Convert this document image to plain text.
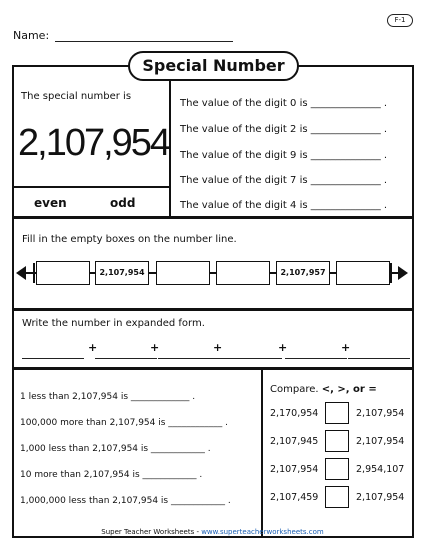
F-1
Name:
Special Number
The special number is
2,107,954
even	odd
The value of the digit 0 is ______________ .
The value of the digit 2 is ______________ .
The value of the digit 9 is ______________ .
The value of the digit 7 is ______________ .
The value of the digit 4 is ______________ .
Fill in the empty boxes on the number line.
2,107,954	2,107,957
Write the number in expanded form.
+	+	+	+	+
1 less than 2,107,954 is _____________ .
100,000 more than 2,107,954 is ____________ .
1,000 less than 2,107,954 is ____________ .
10 more than 2,107,954 is ____________ .
1,000,000 less than 2,107,954 is ____________ .
Compare. <, >, or =
2,170,954	2,107,954
2,107,945	2,107,954
2,107,954	2,954,107
2,107,459	2,107,954
Super Teacher Worksheets - www.superteacherworksheets.com
